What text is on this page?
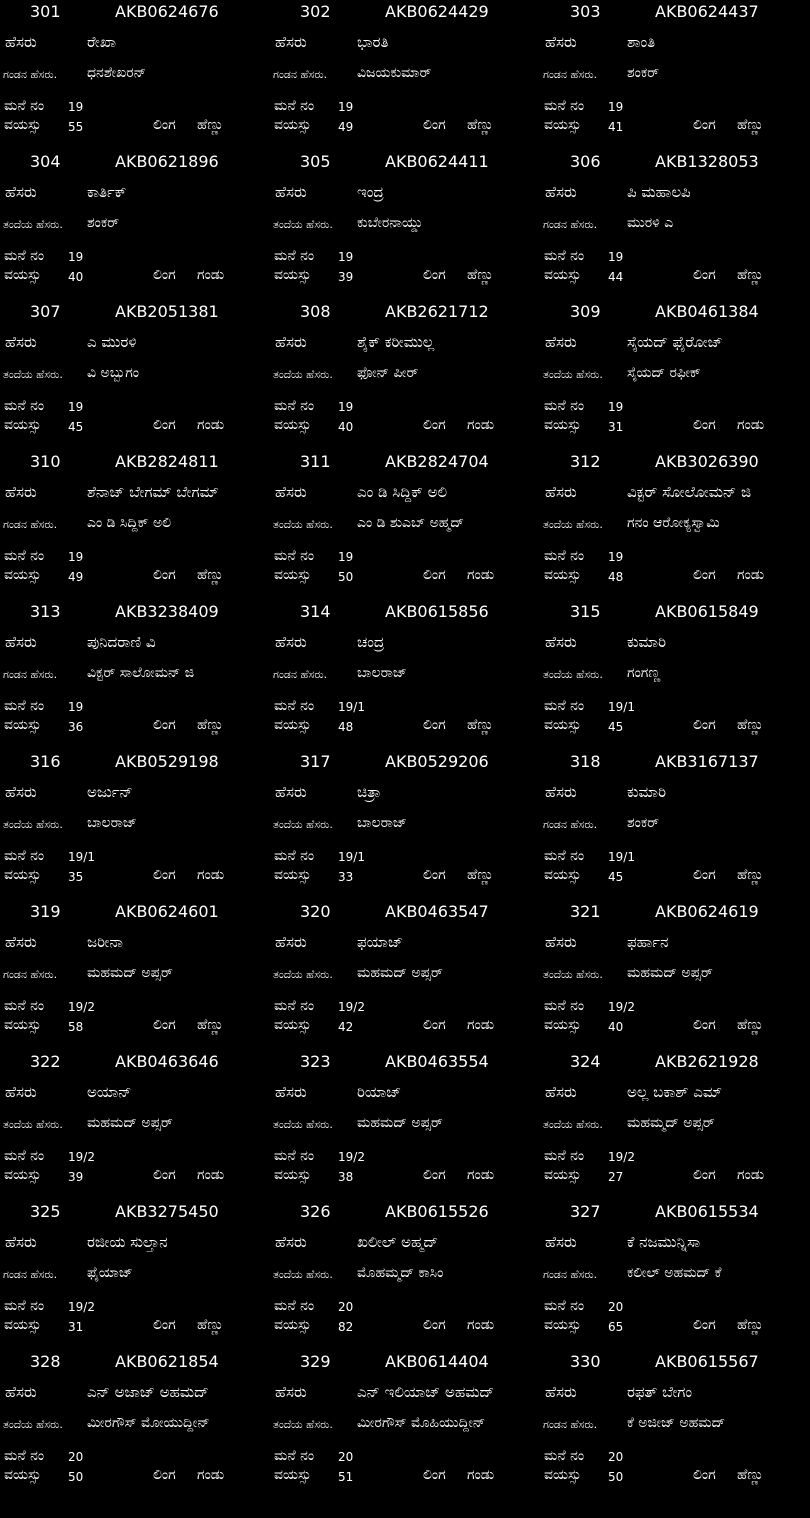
301	AKB0624676
ಹೆಸರು	ರೇಖಾ
ಗಂಡನ ಹೆಸರು. ಧನಶೇಖರನ್
ಮನೆ ನಂ 19
ವಯಸ್ಸು 55	ಲಿಂಗ ಹೆಣ್ಣು
302	AKB0624429
ಹೆಸರು	ಭಾರತಿ
ಗಂಡನ ಹೆಸರು. ವಿಜಯಕುಮಾರ್
ಮನೆ ನಂ 19
ವಯಸ್ಸು 49	ಲಿಂಗ ಹೆಣ್ಣು
303	AKB0624437
ಹೆಸರು	ಶಾಂತಿ
ಗಂಡನ ಹೆಸರು. ಶಂಕರ್
ಮನೆ ನಂ 19
ವಯಸ್ಸು 41	ಲಿಂಗ ಹೆಣ್ಣು
304	AKB0621896
ಹೆಸರು	ಕಾರ್ತಿಕ್
ತಂದೆಯ ಹೆಸರು. ಶಂಕರ್
ಮನೆ ನಂ 19
ವಯಸ್ಸು 40	ಲಿಂಗ ಗಂಡು
305	AKB0624411
ಹೆಸರು	ಇಂದ್ರ
ತಂದೆಯ ಹೆಸರು. ಕುಬೇರನಾಯ್ಡು
ಮನೆ ನಂ 19
ವಯಸ್ಸು 39	ಲಿಂಗ ಹೆಣ್ಣು
306	AKB1328053
ಹೆಸರು	ಪಿ ಮಹಾಲಪಿ
ಗಂಡನ ಹೆಸರು. ಮುರಳಿ ಎ
ಮನೆ ನಂ 19
ವಯಸ್ಸು 44	ಲಿಂಗ ಹೆಣ್ಣು
307	AKB2051381
ಹೆಸರು	ಎ ಮುರಳಿ
ತಂದೆಯ ಹೆಸರು. ವಿ ಅಬ್ಬುಗಂ
ಮನೆ ನಂ 19
ವಯಸ್ಸು 45	ಲಿಂಗ ಗಂಡು
308	AKB2621712
ಹೆಸರು	ಶೈಕ್ ಕರೀಮುಲ್ಲ
ತಂದೆಯ ಹೆಸರು. ಫೋನ್ ಪೀರ್
ಮನೆ ನಂ 19
ವಯಸ್ಸು 40	ಲಿಂಗ ಗಂಡು
309	AKB0461384
ಹೆಸರು	ಸೈಯದ್ ಫೈರೋಜ್
ತಂದೆಯ ಹೆಸರು. ಸೈಯದ್ ರಫೀಕ್
ಮನೆ ನಂ 19
ವಯಸ್ಸು 31	ಲಿಂಗ ಗಂಡು
310	AKB2824811
ಹೆಸರು	ಶೆನಾಜ್ ಬೇಗಮ್ ಬೇಗಮ್
ಗಂಡನ ಹೆಸರು. ಎಂ ಡಿ ಸಿದ್ದಿಕ್ ಅಲಿ
ಮನೆ ನಂ 19
ವಯಸ್ಸು 49	ಲಿಂಗ ಹೆಣ್ಣು
311	AKB2824704
ಹೆಸರು	ಎಂ ಡಿ ಸಿದ್ದಿಕ್ ಅಲಿ
ತಂದೆಯ ಹೆಸರು. ಎಂ ಡಿ ಶುಎಬ್ ಅಹ್ಮದ್
ಮನೆ ನಂ 19
ವಯಸ್ಸು 50	ಲಿಂಗ ಗಂಡು
312	AKB3026390
ಹೆಸರು	ವಿಕ್ಟರ್ ಸೋಲೋಮನ್ ಜಿ
ತಂದೆಯ ಹೆಸರು. ಗನಂ ಆರೋಕ್ಯಸ್ವಾಮಿ
ಮನೆ ನಂ 19
ವಯಸ್ಸು 48	ಲಿಂಗ ಗಂಡು
313	AKB3238409
ಹೆಸರು	ಪುನಿದರಾಣಿ ವಿ
ಗಂಡನ ಹೆಸರು. ವಿಕ್ಟರ್ ಸಾಲೋಮನ್ ಜಿ
ಮನೆ ನಂ 19
ವಯಸ್ಸು 36	ಲಿಂಗ ಹೆಣ್ಣು
314	AKB0615856
ಹೆಸರು	ಚಂದ್ರ
ಗಂಡನ ಹೆಸರು. ಬಾಲರಾಜ್
ಮನೆ ನಂ 19/1
ವಯಸ್ಸು 48	ಲಿಂಗ ಹೆಣ್ಣು
315	AKB0615849
ಹೆಸರು	ಕುಮಾರಿ
ತಂದೆಯ ಹೆಸರು. ಗಂಗಣ್ಣ
ಮನೆ ನಂ 19/1
ವಯಸ್ಸು 45	ಲಿಂಗ ಹೆಣ್ಣು
316	AKB0529198
ಹೆಸರು	ಅರ್ಜುನ್
ತಂದೆಯ ಹೆಸರು. ಬಾಲರಾಜ್
ಮನೆ ನಂ 19/1
ವಯಸ್ಸು 35	ಲಿಂಗ ಗಂಡು
317	AKB0529206
ಹೆಸರು	ಚಿತ್ರಾ
ತಂದೆಯ ಹೆಸರು. ಬಾಲರಾಜ್
ಮನೆ ನಂ 19/1
ವಯಸ್ಸು 33	ಲಿಂಗ ಹೆಣ್ಣು
318	AKB3167137
ಹೆಸರು	ಕುಮಾರಿ
ಗಂಡನ ಹೆಸರು. ಶಂಕರ್
ಮನೆ ನಂ 19/1
ವಯಸ್ಸು 45	ಲಿಂಗ ಹೆಣ್ಣು
319	AKB0624601
ಹೆಸರು	ಜರೀನಾ
ಗಂಡನ ಹೆಸರು. ಮಹಮದ್ ಅಪ್ಸರ್
ಮನೆ ನಂ 19/2
ವಯಸ್ಸು 58	ಲಿಂಗ ಹೆಣ್ಣು
320	AKB0463547
ಹೆಸರು	ಫಯಾಜ್
ತಂದೆಯ ಹೆಸರು. ಮಹಮದ್ ಅಪ್ಸರ್
ಮನೆ ನಂ 19/2
ವಯಸ್ಸು 42	ಲಿಂಗ ಗಂಡು
321	AKB0624619
ಹೆಸರು	ಫರ್ಹಾನ
ತಂದೆಯ ಹೆಸರು. ಮಹಮದ್ ಅಪ್ಸರ್
ಮನೆ ನಂ 19/2
ವಯಸ್ಸು 40	ಲಿಂಗ ಹೆಣ್ಣು
322	AKB0463646
ಹೆಸರು	ಅಯಾನ್
ತಂದೆಯ ಹೆಸರು. ಮಹಮದ್ ಅಪ್ಸರ್
ಮನೆ ನಂ 19/2
ವಯಸ್ಸು 39	ಲಿಂಗ ಗಂಡು
323	AKB0463554
ಹೆಸರು	ರಿಯಾಜ್
ತಂದೆಯ ಹೆಸರು. ಮಹಮದ್ ಅಪ್ಸರ್
ಮನೆ ನಂ 19/2
ವಯಸ್ಸು 38	ಲಿಂಗ ಗಂಡು
324	AKB2621928
ಹೆಸರು	ಅಲ್ಲ ಬಕಾಶ್ ಎಮ್
ತಂದೆಯ ಹೆಸರು. ಮಹಮ್ಮದ್ ಅಪ್ಸರ್
ಮನೆ ನಂ 19/2
ವಯಸ್ಸು 27	ಲಿಂಗ ಗಂಡು
325	AKB3275450
ಹೆಸರು	ರಜೀಯ ಸುಲ್ತಾನ
ಗಂಡನ ಹೆಸರು. ಫೈಯಾಜ್
ಮನೆ ನಂ 19/2
ವಯಸ್ಸು 31	ಲಿಂಗ ಹೆಣ್ಣು
326	AKB0615526
ಹೆಸರು	ಖಲೀಲ್ ಅಹ್ಮದ್
ತಂದೆಯ ಹೆಸರು. ಮೊಹಮ್ಮದ್ ಕಾಸಿಂ
ಮನೆ ನಂ 20
ವಯಸ್ಸು 82	ಲಿಂಗ ಗಂಡು
327	AKB0615534
ಹೆಸರು	ಕೆ ನಜಮುನ್ನಿಸಾ
ಗಂಡನ ಹೆಸರು. ಕಲೀಲ್ ಅಹಮದ್ ಕೆ
ಮನೆ ನಂ 20
ವಯಸ್ಸು 65	ಲಿಂಗ ಹೆಣ್ಣು
328	AKB0621854
ಹೆಸರು	ಎನ್ ಅಜಾಜ್ ಅಹಮದ್
ತಂದೆಯ ಹೆಸರು. ಮೀರಗೌಸ್ ಮೋಯುದ್ದೀನ್
ಮನೆ ನಂ 20
ವಯಸ್ಸು 50	ಲಿಂಗ ಗಂಡು
329	AKB0614404
ಹೆಸರು	ಎನ್ ಇಲಿಯಾಜ್ ಅಹಮದ್
ತಂದೆಯ ಹೆಸರು. ಮೀರಗೌಸ್ ಮೊಹಿಯುದ್ದೀನ್
ಮನೆ ನಂ 20
ವಯಸ್ಸು 51	ಲಿಂಗ ಗಂಡು
330	AKB0615567
ಹೆಸರು	ರಫತ್ ಬೇಗಂ
ಗಂಡನ ಹೆಸರು. ಕೆ ಅಜೀಜ್ ಅಹಮದ್
ಮನೆ ನಂ 20
ವಯಸ್ಸು 50	ಲಿಂಗ ಹೆಣ್ಣು
